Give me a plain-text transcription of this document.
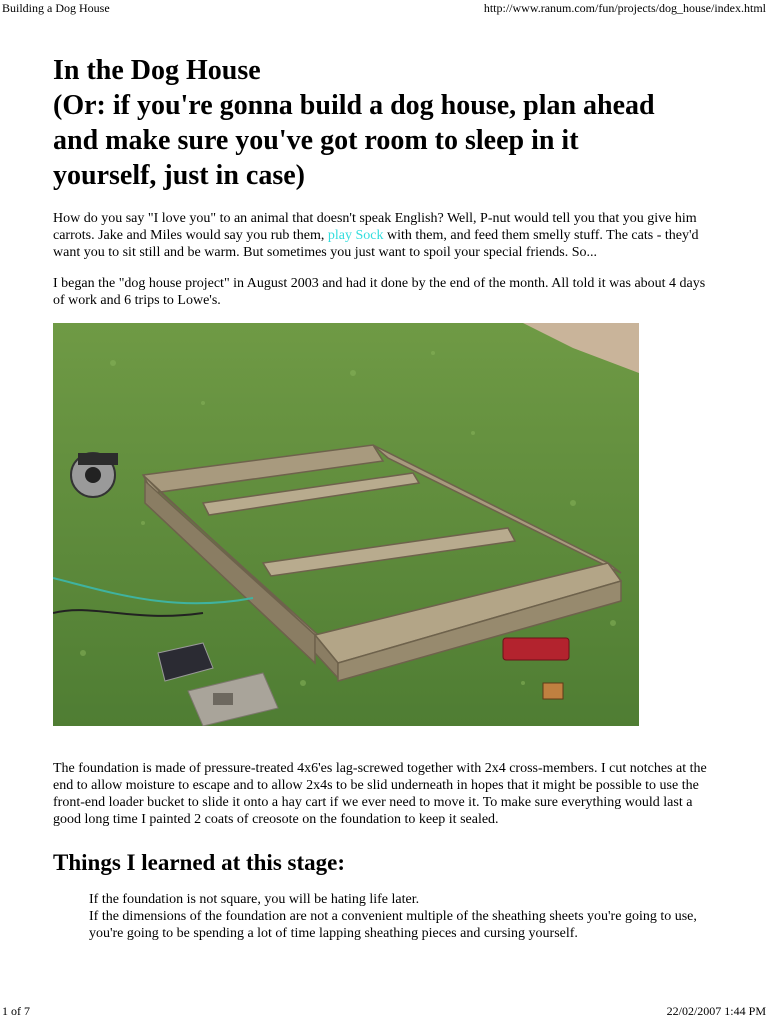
Building a Dog House	http://www.ranum.com/fun/projects/dog_house/index.html
In the Dog House
(Or: if you're gonna build a dog house, plan ahead
and make sure you've got room to sleep in it
yourself, just in case)

How do you say "I love you" to an animal that doesn't speak English? Well, P-nut would tell you that you give him carrots. Jake and Miles would say you rub them, play Sock with them, and feed them smelly stuff. The cats - they'd want you to sit still and be warm. But sometimes you just want to spoil your special friends. So...

I began the "dog house project" in August 2003 and had it done by the end of the month. All told it was about 4 days of work and 6 trips to Lowe's.

The foundation is made of pressure-treated 4x6'es lag-screwed together with 2x4 cross-members. I cut notches at the end to allow moisture to escape and to allow 2x4s to be slid underneath in hopes that it might be possible to use the front-end loader bucket to slide it onto a hay cart if we ever need to move it. To make sure everything would last a good long time I painted 2 coats of creosote on the foundation to keep it sealed.

Things I learned at this stage:
If the foundation is not square, you will be hating life later.
If the dimensions of the foundation are not a convenient multiple of the sheathing sheets you're going to use, you're going to be spending a lot of time lapping sheathing pieces and cursing yourself.
1 of 7	22/02/2007 1:44 PM
